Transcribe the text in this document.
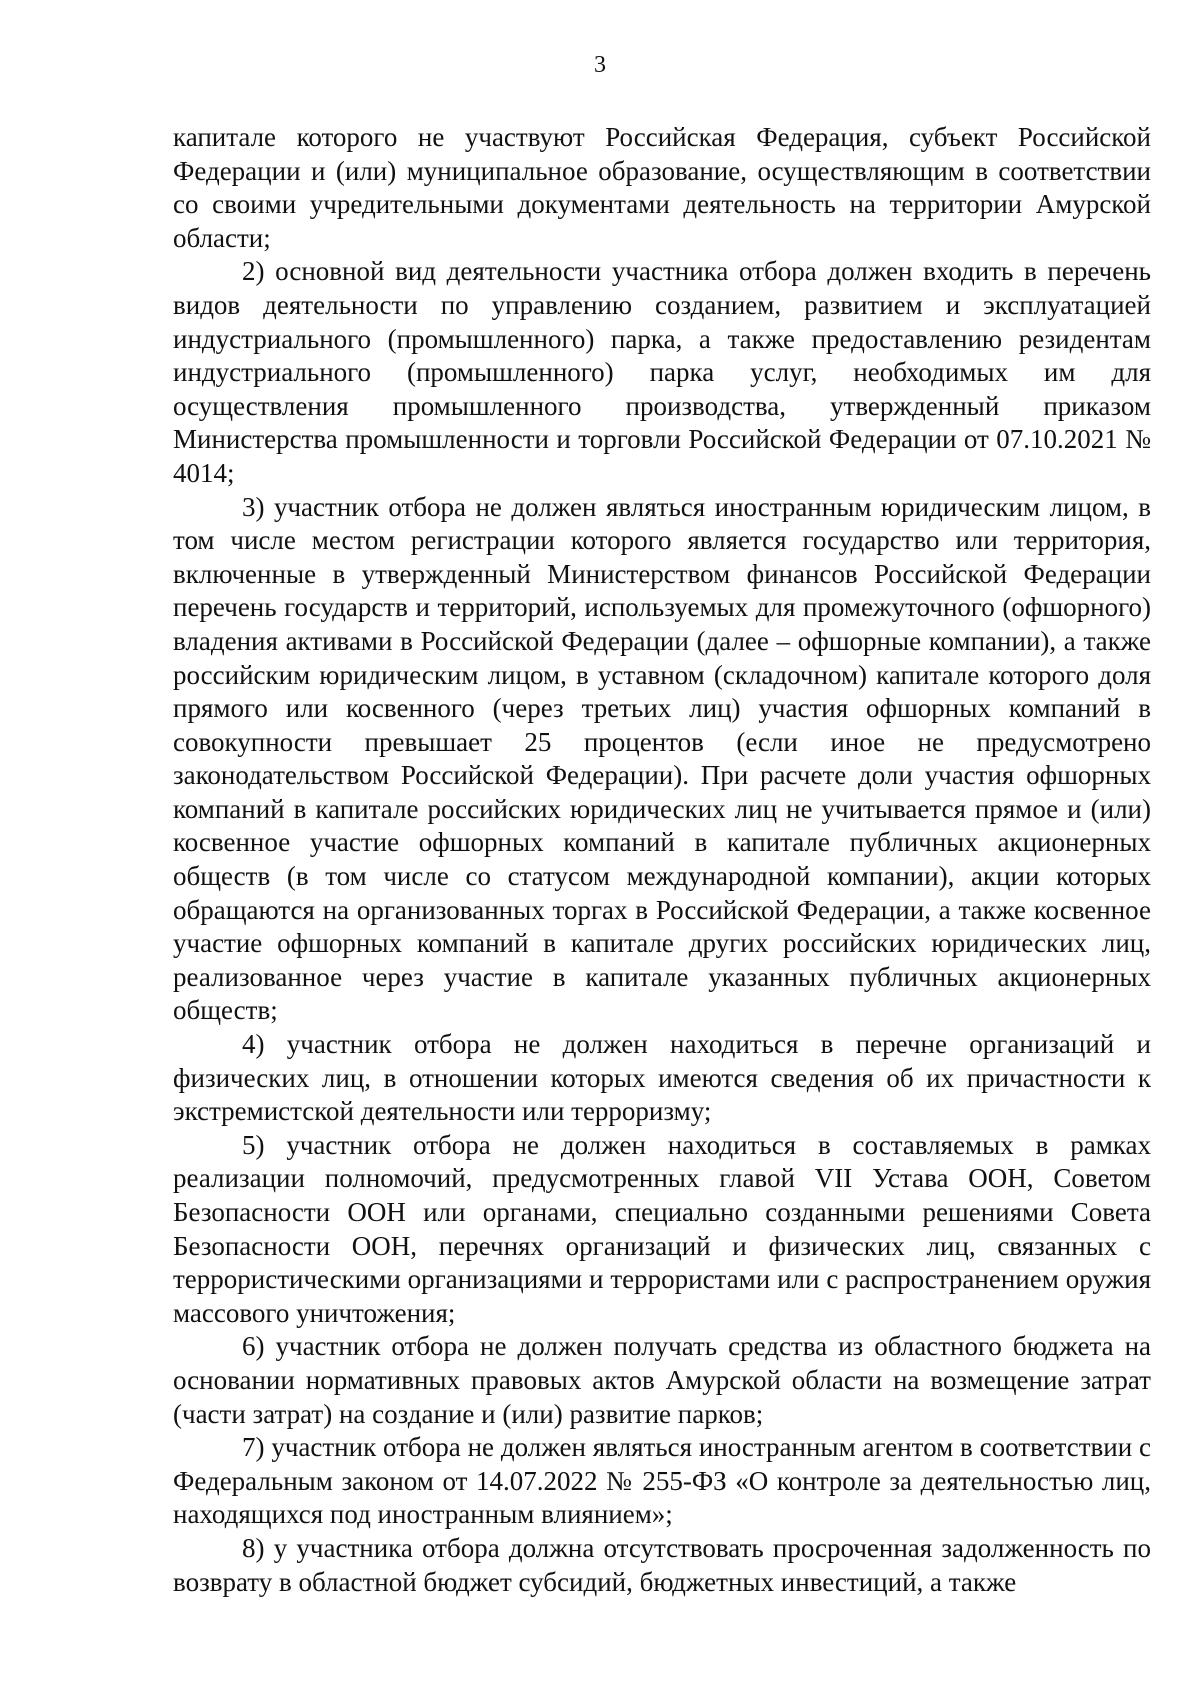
3

капитале которого не участвуют Российская Федерация, субъект Российской Федерации и (или) муниципальное образование, осуществляющим в соответствии со своими учредительными документами деятельность на территории Амурской области;

2) основной вид деятельности участника отбора должен входить в перечень видов деятельности по управлению созданием, развитием и эксплуатацией индустриального (промышленного) парка, а также предоставлению резидентам индустриального (промышленного) парка услуг, необходимых им для осуществления промышленного производства, утвержденный приказом Министерства промышленности и торговли Российской Федерации от 07.10.2021 № 4014;

3) участник отбора не должен являться иностранным юридическим лицом, в том числе местом регистрации которого является государство или территория, включенные в утвержденный Министерством финансов Российской Федерации перечень государств и территорий, используемых для промежуточного (офшорного) владения активами в Российской Федерации (далее – офшорные компании), а также российским юридическим лицом, в уставном (складочном) капитале которого доля прямого или косвенного (через третьих лиц) участия офшорных компаний в совокупности превышает 25 процентов (если иное не предусмотрено законодательством Российской Федерации). При расчете доли участия офшорных компаний в капитале российских юридических лиц не учитывается прямое и (или) косвенное участие офшорных компаний в капитале публичных акционерных обществ (в том числе со статусом международной компании), акции которых обращаются на организованных торгах в Российской Федерации, а также косвенное участие офшорных компаний в капитале других российских юридических лиц, реализованное через участие в капитале указанных публичных акционерных обществ;

4) участник отбора не должен находиться в перечне организаций и физических лиц, в отношении которых имеются сведения об их причастности к экстремистской деятельности или терроризму;

5) участник отбора не должен находиться в составляемых в рамках реализации полномочий, предусмотренных главой VII Устава ООН, Советом Безопасности ООН или органами, специально созданными решениями Совета Безопасности ООН, перечнях организаций и физических лиц, связанных с террористическими организациями и террористами или с распространением оружия массового уничтожения;

6) участник отбора не должен получать средства из областного бюджета на основании нормативных правовых актов Амурской области на возмещение затрат (части затрат) на создание и (или) развитие парков;

7) участник отбора не должен являться иностранным агентом в соответствии с Федеральным законом от 14.07.2022 № 255-ФЗ «О контроле за деятельностью лиц, находящихся под иностранным влиянием»;

8) у участника отбора должна отсутствовать просроченная задолженность по возврату в областной бюджет субсидий, бюджетных инвестиций, а также
